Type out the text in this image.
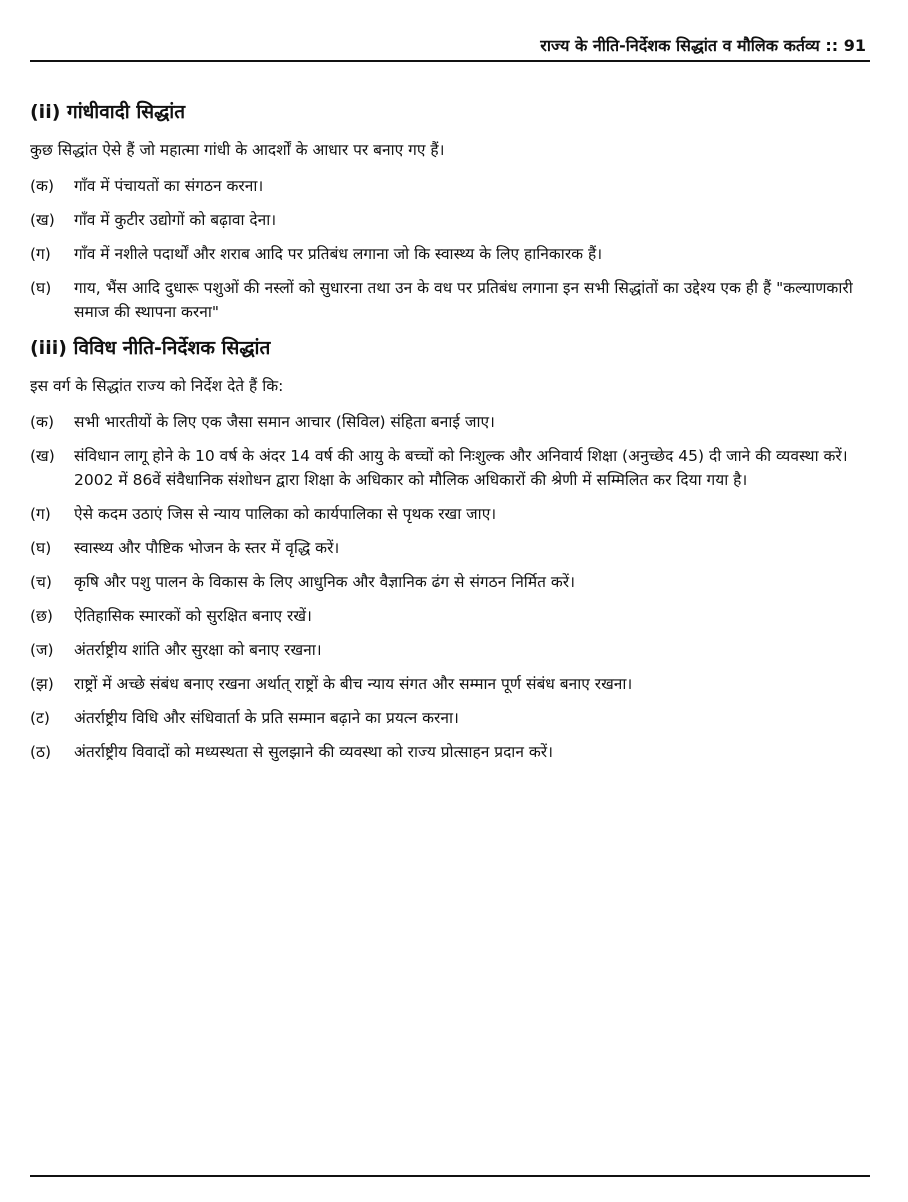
राज्य के नीति-निर्देशक सिद्धांत व मौलिक कर्तव्य :: 91
(ii) गांधीवादी सिद्धांत
कुछ सिद्धांत ऐसे हैं जो महात्मा गांधी के आदर्शों के आधार पर बनाए गए हैं।
(क)	गाँव में पंचायतों का संगठन करना।
(ख)	गाँव में कुटीर उद्योगों को बढ़ावा देना।
(ग)	गाँव में नशीले पदार्थों और शराब आदि पर प्रतिबंध लगाना जो कि स्वास्थ्य के लिए हानिकारक हैं।
(घ)	गाय, भैंस आदि दुधारू पशुओं की नस्लों को सुधारना तथा उन के वध पर प्रतिबंध लगाना इन सभी सिद्धांतों का उद्देश्य एक ही हैं "कल्याणकारी समाज की स्थापना करना"
(iii) विविध नीति-निर्देशक सिद्धांत
इस वर्ग के सिद्धांत राज्य को निर्देश देते हैं कि:
(क)	सभी भारतीयों के लिए एक जैसा समान आचार (सिविल) संहिता बनाई जाए।
(ख)	संविधान लागू होने के 10 वर्ष के अंदर 14 वर्ष की आयु के बच्चों को निःशुल्क और अनिवार्य शिक्षा (अनुच्छेद 45) दी जाने की व्यवस्था करें। 2002 में 86वें संवैधानिक संशोधन द्वारा शिक्षा के अधिकार को मौलिक अधिकारों की श्रेणी में सम्मिलित कर दिया गया है।
(ग)	ऐसे कदम उठाएं जिस से न्याय पालिका को कार्यपालिका से पृथक रखा जाए।
(घ)	स्वास्थ्य और पौष्टिक भोजन के स्तर में वृद्धि करें।
(च)	कृषि और पशु पालन के विकास के लिए आधुनिक और वैज्ञानिक ढंग से संगठन निर्मित करें।
(छ)	ऐतिहासिक स्मारकों को सुरक्षित बनाए रखें।
(ज)	अंतर्राष्ट्रीय शांति और सुरक्षा को बनाए रखना।
(झ)	राष्ट्रों में अच्छे संबंध बनाए रखना अर्थात् राष्ट्रों के बीच न्याय संगत और सम्मान पूर्ण संबंध बनाए रखना।
(ट)	अंतर्राष्ट्रीय विधि और संधिवार्ता के प्रति सम्मान बढ़ाने का प्रयत्न करना।
(ठ)	अंतर्राष्ट्रीय विवादों को मध्यस्थता से सुलझाने की व्यवस्था को राज्य प्रोत्साहन प्रदान करें।
